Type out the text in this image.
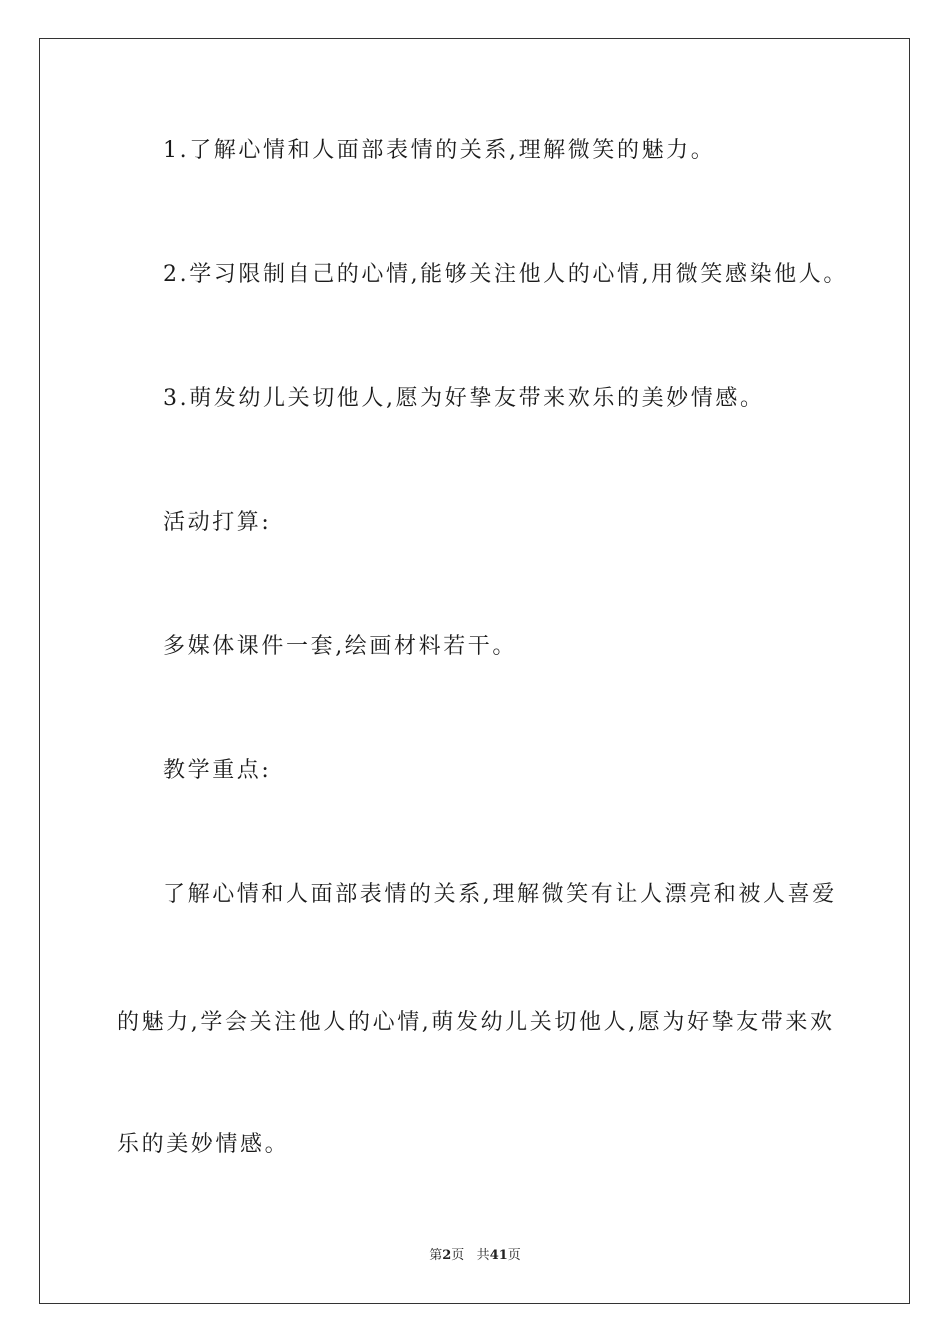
1.了解心情和人面部表情的关系,理解微笑的魅力。

2.学习限制自己的心情,能够关注他人的心情,用微笑感染他人。

3.萌发幼儿关切他人,愿为好挚友带来欢乐的美妙情感。

活动打算:

多媒体课件一套,绘画材料若干。

教学重点:

了解心情和人面部表情的关系,理解微笑有让人漂亮和被人喜爱

的魅力,学会关注他人的心情,萌发幼儿关切他人,愿为好挚友带来欢

乐的美妙情感。

第2页 共41页
